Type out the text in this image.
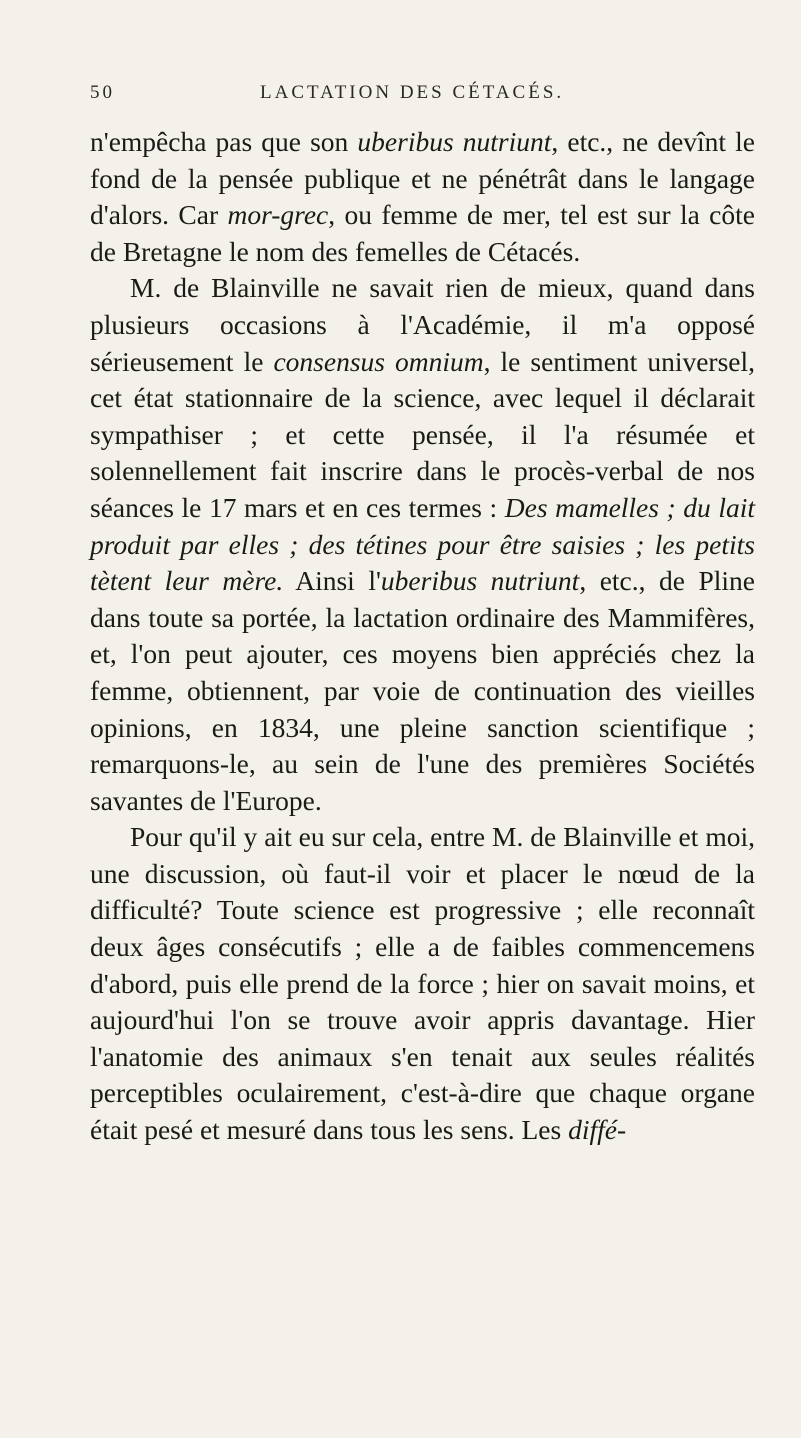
50	LACTATION DES CÉTACÉS.

n'empêcha pas que son uberibus nutriunt, etc., ne devînt le fond de la pensée publique et ne pénétrât dans le langage d'alors. Car mor-grec, ou femme de mer, tel est sur la côte de Bretagne le nom des femelles de Cétacés.

M. de Blainville ne savait rien de mieux, quand dans plusieurs occasions à l'Académie, il m'a opposé sérieusement le consensus omnium, le sentiment universel, cet état stationnaire de la science, avec lequel il déclarait sympathiser ; et cette pensée, il l'a résumée et solennellement fait inscrire dans le procès-verbal de nos séances le 17 mars et en ces termes : Des mamelles ; du lait produit par elles ; des tétines pour être saisies ; les petits tètent leur mère. Ainsi l'uberibus nutriunt, etc., de Pline dans toute sa portée, la lactation ordinaire des Mammifères, et, l'on peut ajouter, ces moyens bien appréciés chez la femme, obtiennent, par voie de continuation des vieilles opinions, en 1834, une pleine sanction scientifique ; remarquons-le, au sein de l'une des premières Sociétés savantes de l'Europe.

Pour qu'il y ait eu sur cela, entre M. de Blainville et moi, une discussion, où faut-il voir et placer le nœud de la difficulté? Toute science est progressive ; elle reconnaît deux âges consécutifs ; elle a de faibles commencemens d'abord, puis elle prend de la force ; hier on savait moins, et aujourd'hui l'on se trouve avoir appris davantage. Hier l'anatomie des animaux s'en tenait aux seules réalités perceptibles oculairement, c'est-à-dire que chaque organe était pesé et mesuré dans tous les sens. Les diffé-
